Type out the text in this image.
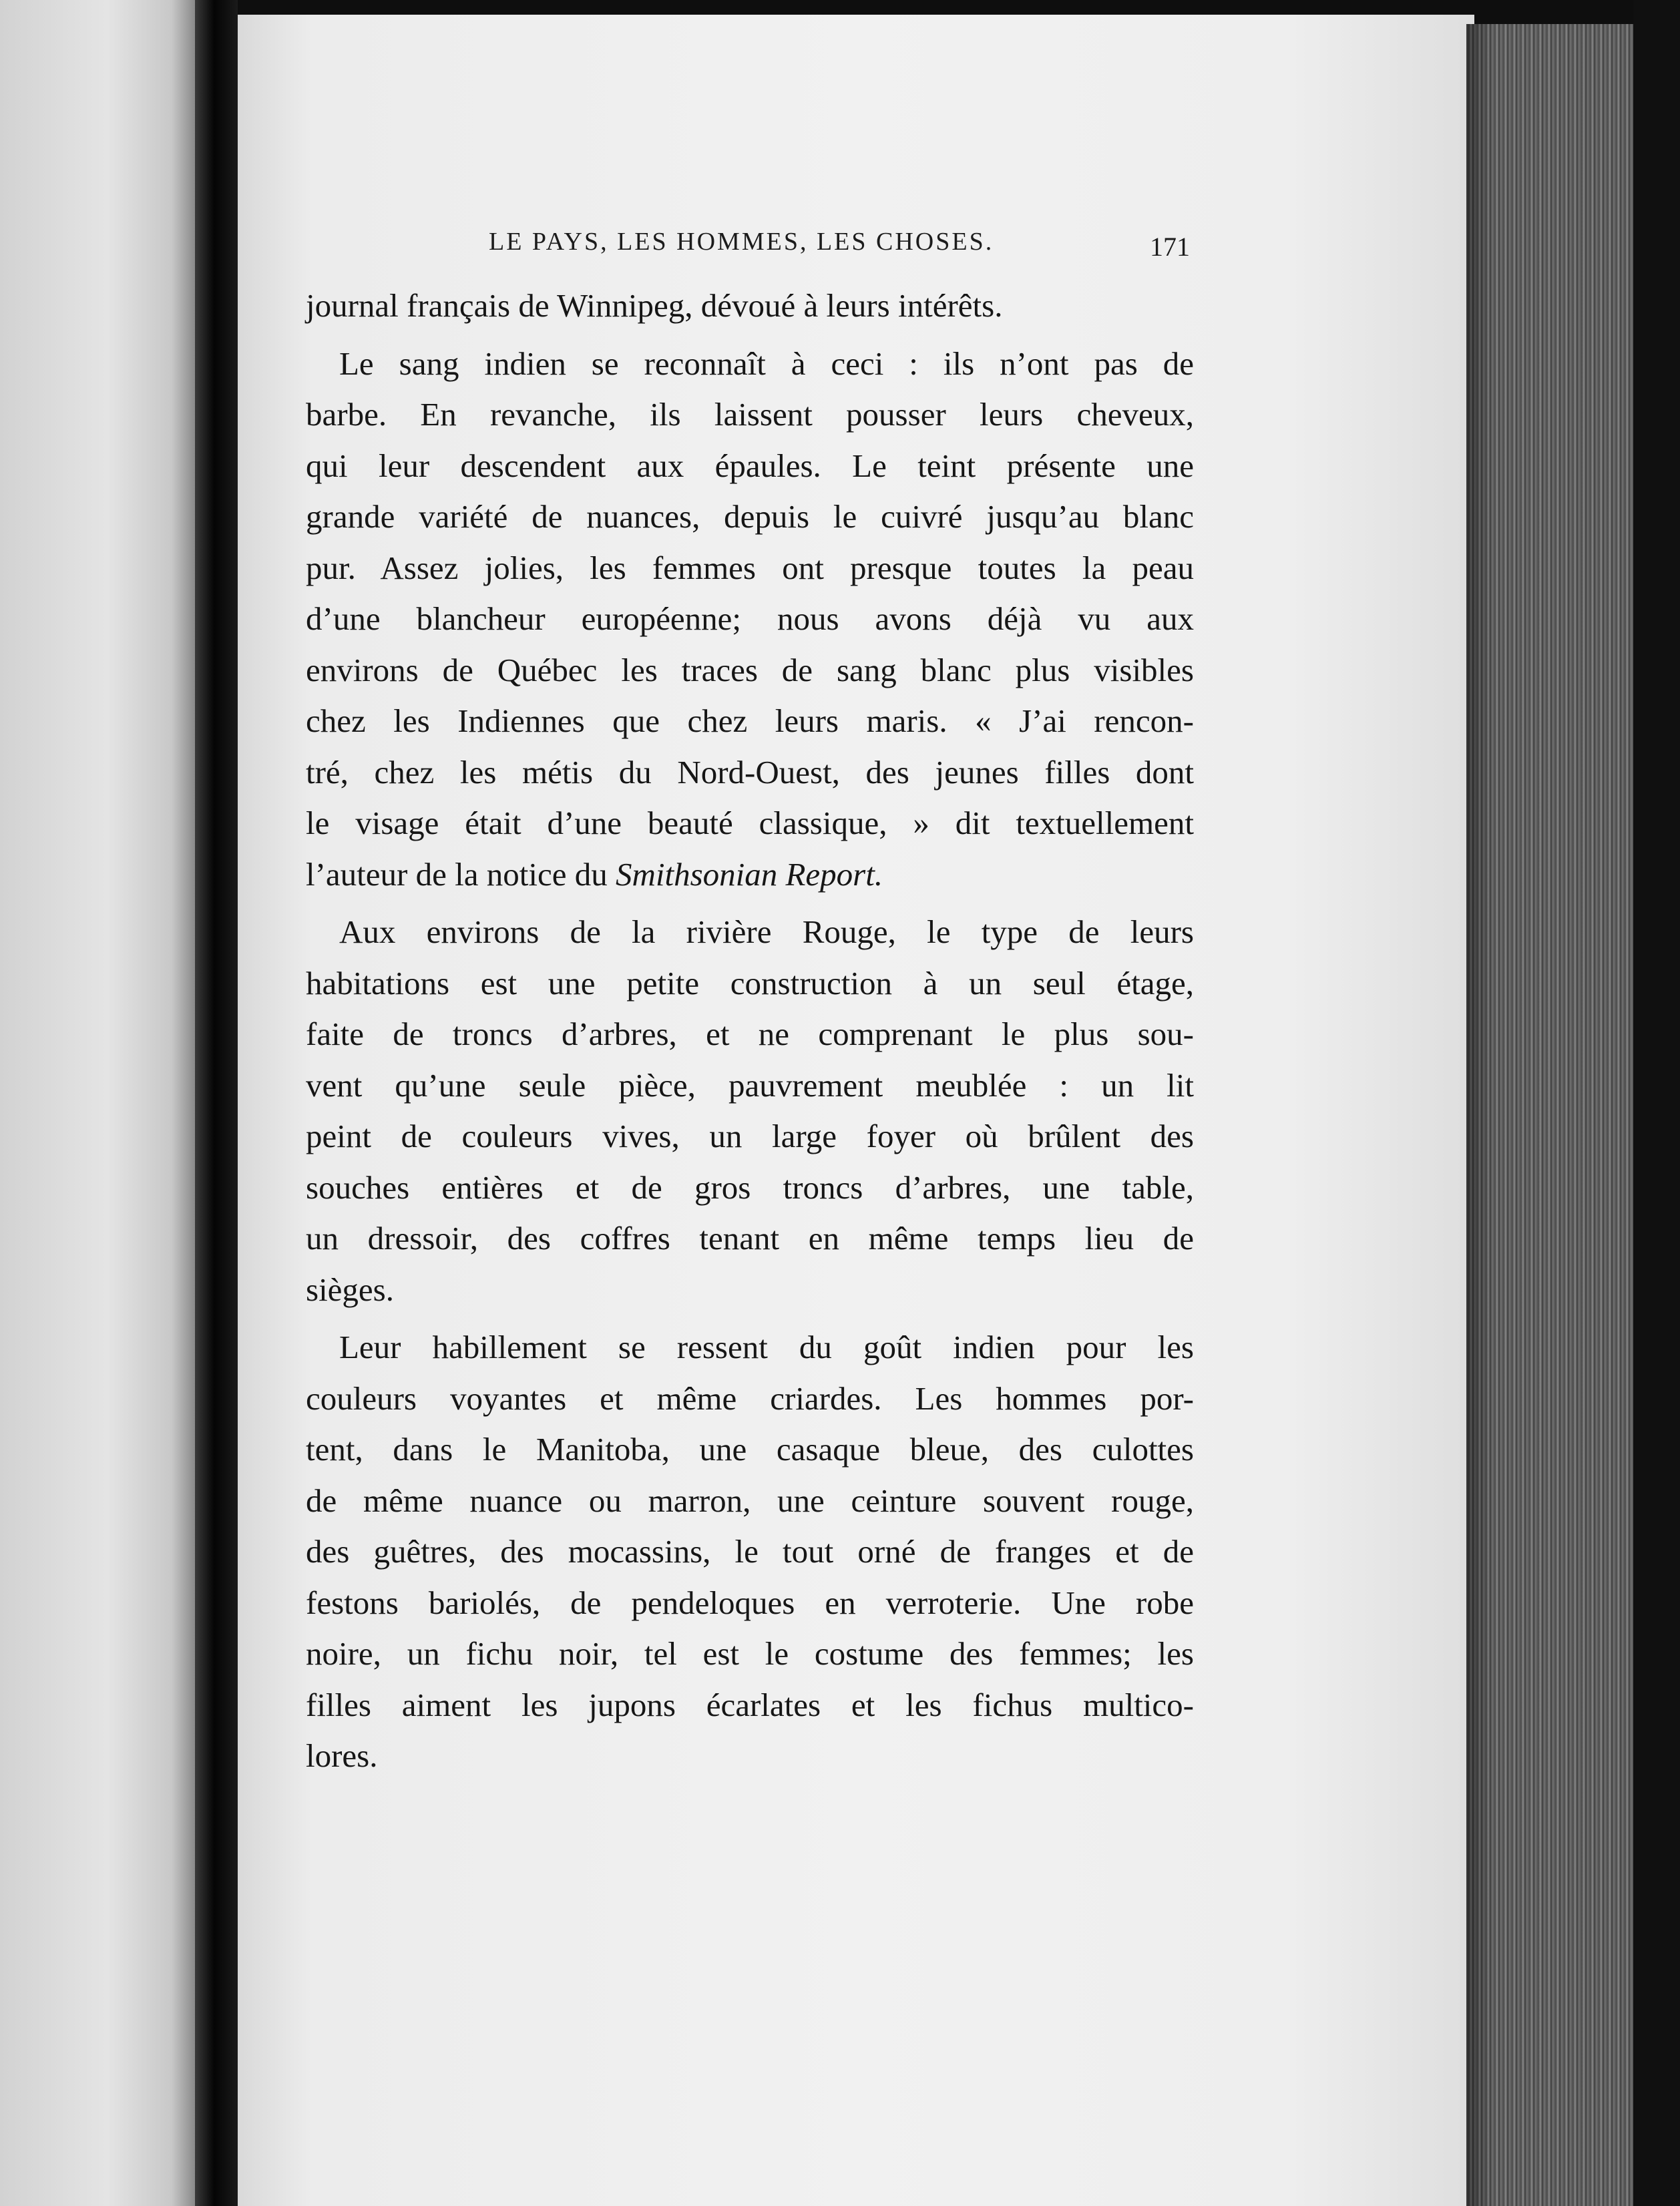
LE PAYS, LES HOMMES, LES CHOSES.	171
journal français de Winnipeg, dévoué à leurs intérêts.
Le sang indien se reconnaît à ceci : ils n’ont pas de
barbe. En revanche, ils laissent pousser leurs cheveux,
qui leur descendent aux épaules. Le teint présente une
grande variété de nuances, depuis le cuivré jusqu’au blanc
pur. Assez jolies, les femmes ont presque toutes la peau
d’une blancheur européenne; nous avons déjà vu aux
environs de Québec les traces de sang blanc plus visibles
chez les Indiennes que chez leurs maris. « J’ai rencon-
tré, chez les métis du Nord-Ouest, des jeunes filles dont
le visage était d’une beauté classique, » dit textuellement
l’auteur de la notice du Smithsonian Report.
Aux environs de la rivière Rouge, le type de leurs
habitations est une petite construction à un seul étage,
faite de troncs d’arbres, et ne comprenant le plus sou-
vent qu’une seule pièce, pauvrement meublée : un lit
peint de couleurs vives, un large foyer où brûlent des
souches entières et de gros troncs d’arbres, une table,
un dressoir, des coffres tenant en même temps lieu de
sièges.
Leur habillement se ressent du goût indien pour les
couleurs voyantes et même criardes. Les hommes por-
tent, dans le Manitoba, une casaque bleue, des culottes
de même nuance ou marron, une ceinture souvent rouge,
des guêtres, des mocassins, le tout orné de franges et de
festons bariolés, de pendeloques en verroterie. Une robe
noire, un fichu noir, tel est le costume des femmes; les
filles aiment les jupons écarlates et les fichus multico-
lores.
